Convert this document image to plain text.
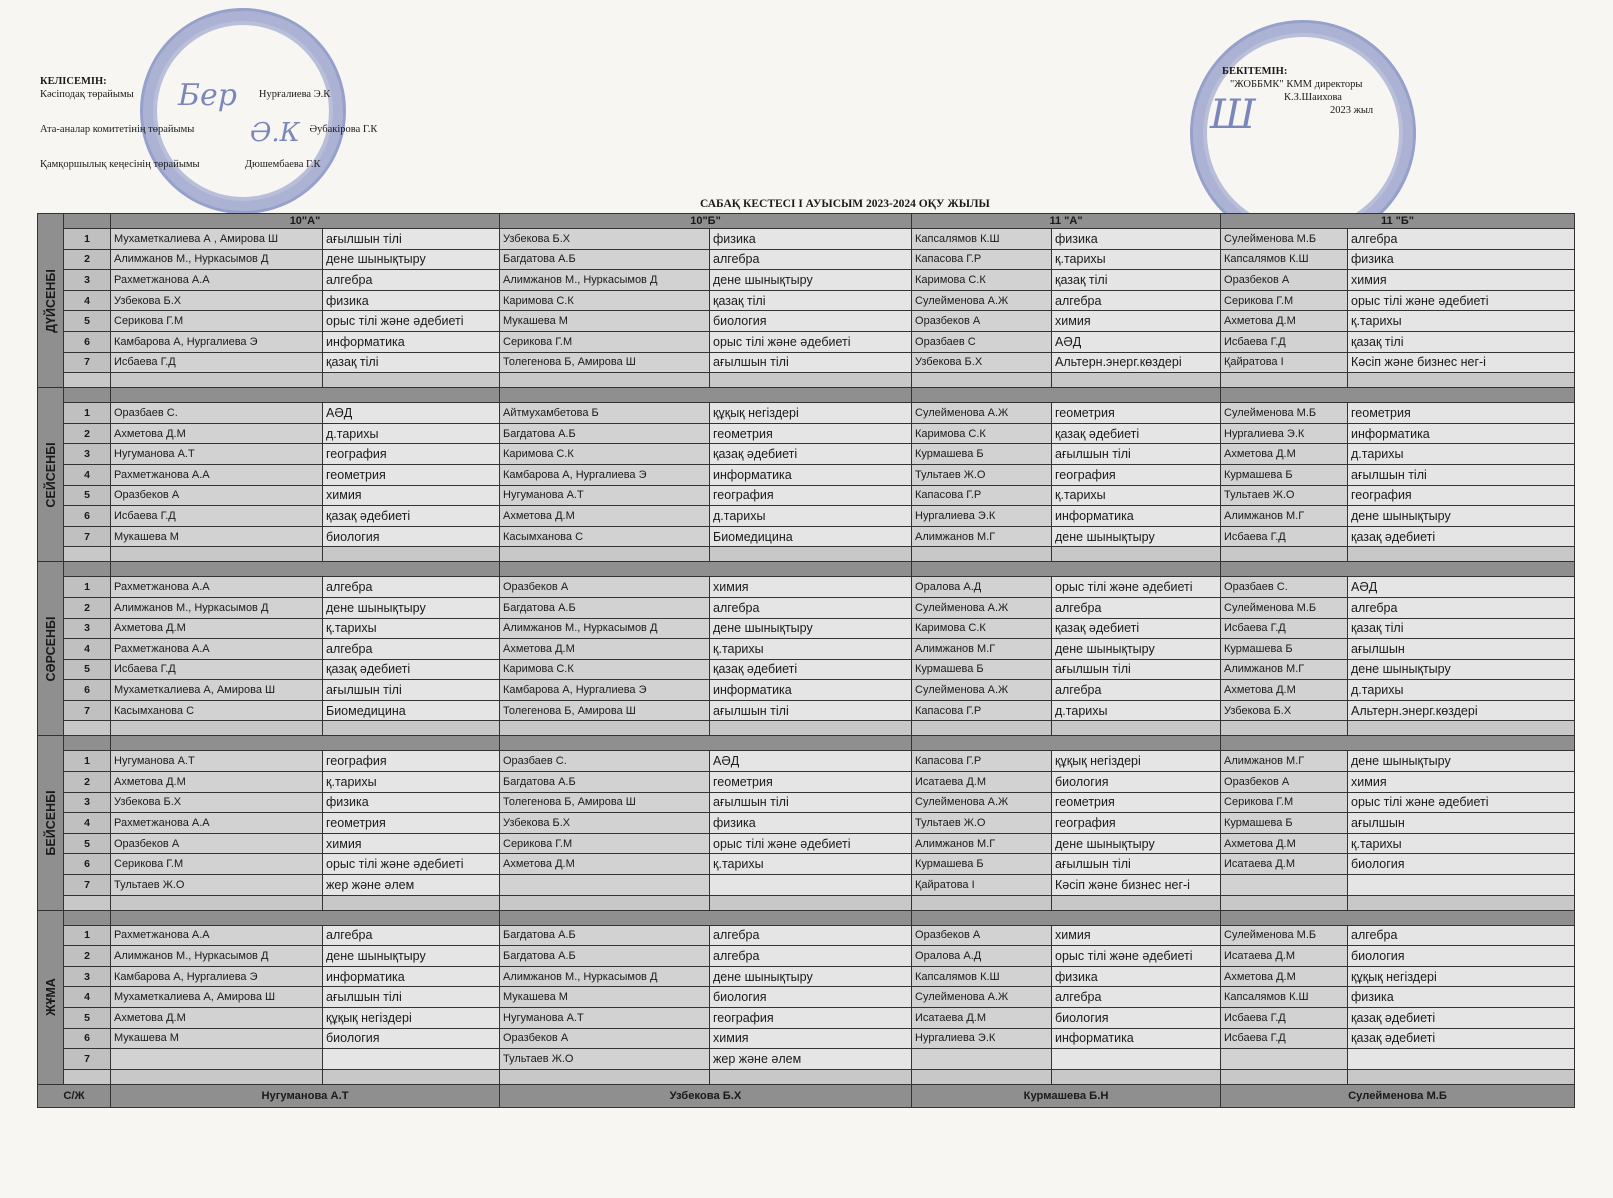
Бер
Ә.К	Ш
КЕЛІСЕМІН:
Кәсіподақ төрайымы	Нурғалиева Э.К
Ата-аналар комитетінің төрайымы	Әубакірова Г.К
Қамқоршылық кеңесінің төрайымы	Дюшембаева Г.К
БЕКІТЕМІН:
"ЖОББМК" КММ директоры
К.З.Шаихова
2023 жыл
САБАҚ КЕСТЕСІ І АУЫСЫМ 2023-2024 ОҚУ ЖЫЛЫ
ДҮЙСЕНБІ		10"А"		10"Б"		11 "А"		11 "Б"	
	1	Мухаметкалиева А , Амирова Ш	ағылшын тілі	Узбекова Б.Х	физика	Капсалямов К.Ш	физика	Сулейменова М.Б	алгебра
	2	Алимжанов М., Нуркасымов Д	дене шынықтыру	Багдатова А.Б	алгебра	Капасова Г.Р	қ.тарихы	Капсалямов К.Ш	физика
	3	Рахметжанова А.А	алгебра	Алимжанов М., Нуркасымов Д	дене шынықтыру	Каримова С.К	қазақ тілі	Оразбеков А	химия
	4	Узбекова Б.Х	физика	Каримова С.К	қазақ тілі	Сулейменова А.Ж	алгебра	Серикова Г.М	орыс тілі және әдебиеті
	5	Серикова Г.М	орыс тілі және әдебиеті	Мукашева М	биология	Оразбеков А	химия	Ахметова Д.М	қ.тарихы
	6	Камбарова А, Нургалиева Э	информатика	Серикова Г.М	орыс тілі және әдебиеті	Оразбаев С	АӘД	Исбаева Г.Д	қазақ тілі
	7	Исбаева Г.Д	қазақ тілі	Толегенова Б, Амирова Ш	ағылшын тілі	Узбекова Б.Х	Альтерн.энерг.көздері	Қайратова І	Кәсіп және бизнес нег-і

СЕЙСЕНБІ									

	1	Оразбаев С.	АӘД	Айтмухамбетова Б	құқық негіздері	Сулейменова А.Ж	геометрия	Сулейменова М.Б	геометрия
	2	Ахметова Д.М	д.тарихы	Багдатова А.Б	геометрия	Каримова С.К	қазақ әдебиеті	Нургалиева Э.К	информатика
	3	Нугуманова А.Т	география	Каримова С.К	қазақ әдебиеті	Курмашева Б	ағылшын тілі	Ахметова Д.М	д.тарихы
	4	Рахметжанова А.А	геометрия	Камбарова А, Нургалиева Э	информатика	Тультаев Ж.О	география	Курмашева Б	ағылшын тілі
	5	Оразбеков А	химия	Нугуманова А.Т	география	Капасова Г.Р	қ.тарихы	Тультаев Ж.О	география
	6	Исбаева Г.Д	қазақ әдебиеті	Ахметова Д.М	д.тарихы	Нургалиева Э.К	информатика	Алимжанов М.Г	дене шынықтыру
	7	Мукашева М	биология	Касымханова С	Биомедицина	Алимжанов М.Г	дене шынықтыру	Исбаева Г.Д	қазақ әдебиеті

СӘРСЕНБІ									

	1	Рахметжанова А.А	алгебра	Оразбеков А	химия	Оралова А.Д	орыс тілі және әдебиеті	Оразбаев С.	АӘД
	2	Алимжанов М., Нуркасымов Д	дене шынықтыру	Багдатова А.Б	алгебра	Сулейменова А.Ж	алгебра	Сулейменова М.Б	алгебра
	3	Ахметова Д.М	қ.тарихы	Алимжанов М., Нуркасымов Д	дене шынықтыру	Каримова С.К	қазақ әдебиеті	Исбаева Г.Д	қазақ тілі
	4	Рахметжанова А.А	алгебра	Ахметова Д.М	қ.тарихы	Алимжанов М.Г	дене шынықтыру	Курмашева Б	ағылшын
	5	Исбаева Г.Д	қазақ әдебиеті	Каримова С.К	қазақ әдебиеті	Курмашева Б	ағылшын тілі	Алимжанов М.Г	дене шынықтыру
	6	Мухаметкалиева А, Амирова Ш	ағылшын тілі	Камбарова А, Нургалиева Э	информатика	Сулейменова А.Ж	алгебра	Ахметова Д.М	д.тарихы
	7	Касымханова С	Биомедицина	Толегенова Б, Амирова Ш	ағылшын тілі	Капасова Г.Р	д.тарихы	Узбекова Б.Х	Альтерн.энерг.көздері

БЕЙСЕНБІ									

	1	Нугуманова А.Т	география	Оразбаев С.	АӘД	Капасова Г.Р	құқық негіздері	Алимжанов М.Г	дене шынықтыру
	2	Ахметова Д.М	қ.тарихы	Багдатова А.Б	геометрия	Исатаева Д.М	биология	Оразбеков А	химия
	3	Узбекова Б.Х	физика	Толегенова Б, Амирова Ш	ағылшын тілі	Сулейменова А.Ж	геометрия	Серикова Г.М	орыс тілі және әдебиеті
	4	Рахметжанова А.А	геометрия	Узбекова Б.Х	физика	Тультаев Ж.О	география	Курмашева Б	ағылшын
	5	Оразбеков А	химия	Серикова Г.М	орыс тілі және әдебиеті	Алимжанов М.Г	дене шынықтыру	Ахметова Д.М	қ.тарихы
	6	Серикова Г.М	орыс тілі және әдебиеті	Ахметова Д.М	қ.тарихы	Курмашева Б	ағылшын тілі	Исатаева Д.М	биология
	7	Тультаев Ж.О	жер және әлем			Қайратова І	Кәсіп және бизнес нег-і		

ЖҰМА									

	1	Рахметжанова А.А	алгебра	Багдатова А.Б	алгебра	Оразбеков А	химия	Сулейменова М.Б	алгебра
	2	Алимжанов М., Нуркасымов Д	дене шынықтыру	Багдатова А.Б	алгебра	Оралова А.Д	орыс тілі және әдебиеті	Исатаева Д.М	биология
	3	Камбарова А, Нургалиева Э	информатика	Алимжанов М., Нуркасымов Д	дене шынықтыру	Капсалямов К.Ш	физика	Ахметова Д.М	құқық негіздері
	4	Мухаметкалиева А, Амирова Ш	ағылшын тілі	Мукашева М	биология	Сулейменова А.Ж	алгебра	Капсалямов К.Ш	физика
	5	Ахметова Д.М	құқық негіздері	Нугуманова А.Т	география	Исатаева Д.М	биология	Исбаева Г.Д	қазақ әдебиеті
	6	Мукашева М	биология	Оразбеков А	химия	Нургалиева Э.К	информатика	Исбаева Г.Д	қазақ әдебиеті
	7			Тультаев Ж.О	жер және әлем				

С/Ж		Нугуманова А.Т		Узбекова Б.Х		Курмашева Б.Н		Сулейменова М.Б	
